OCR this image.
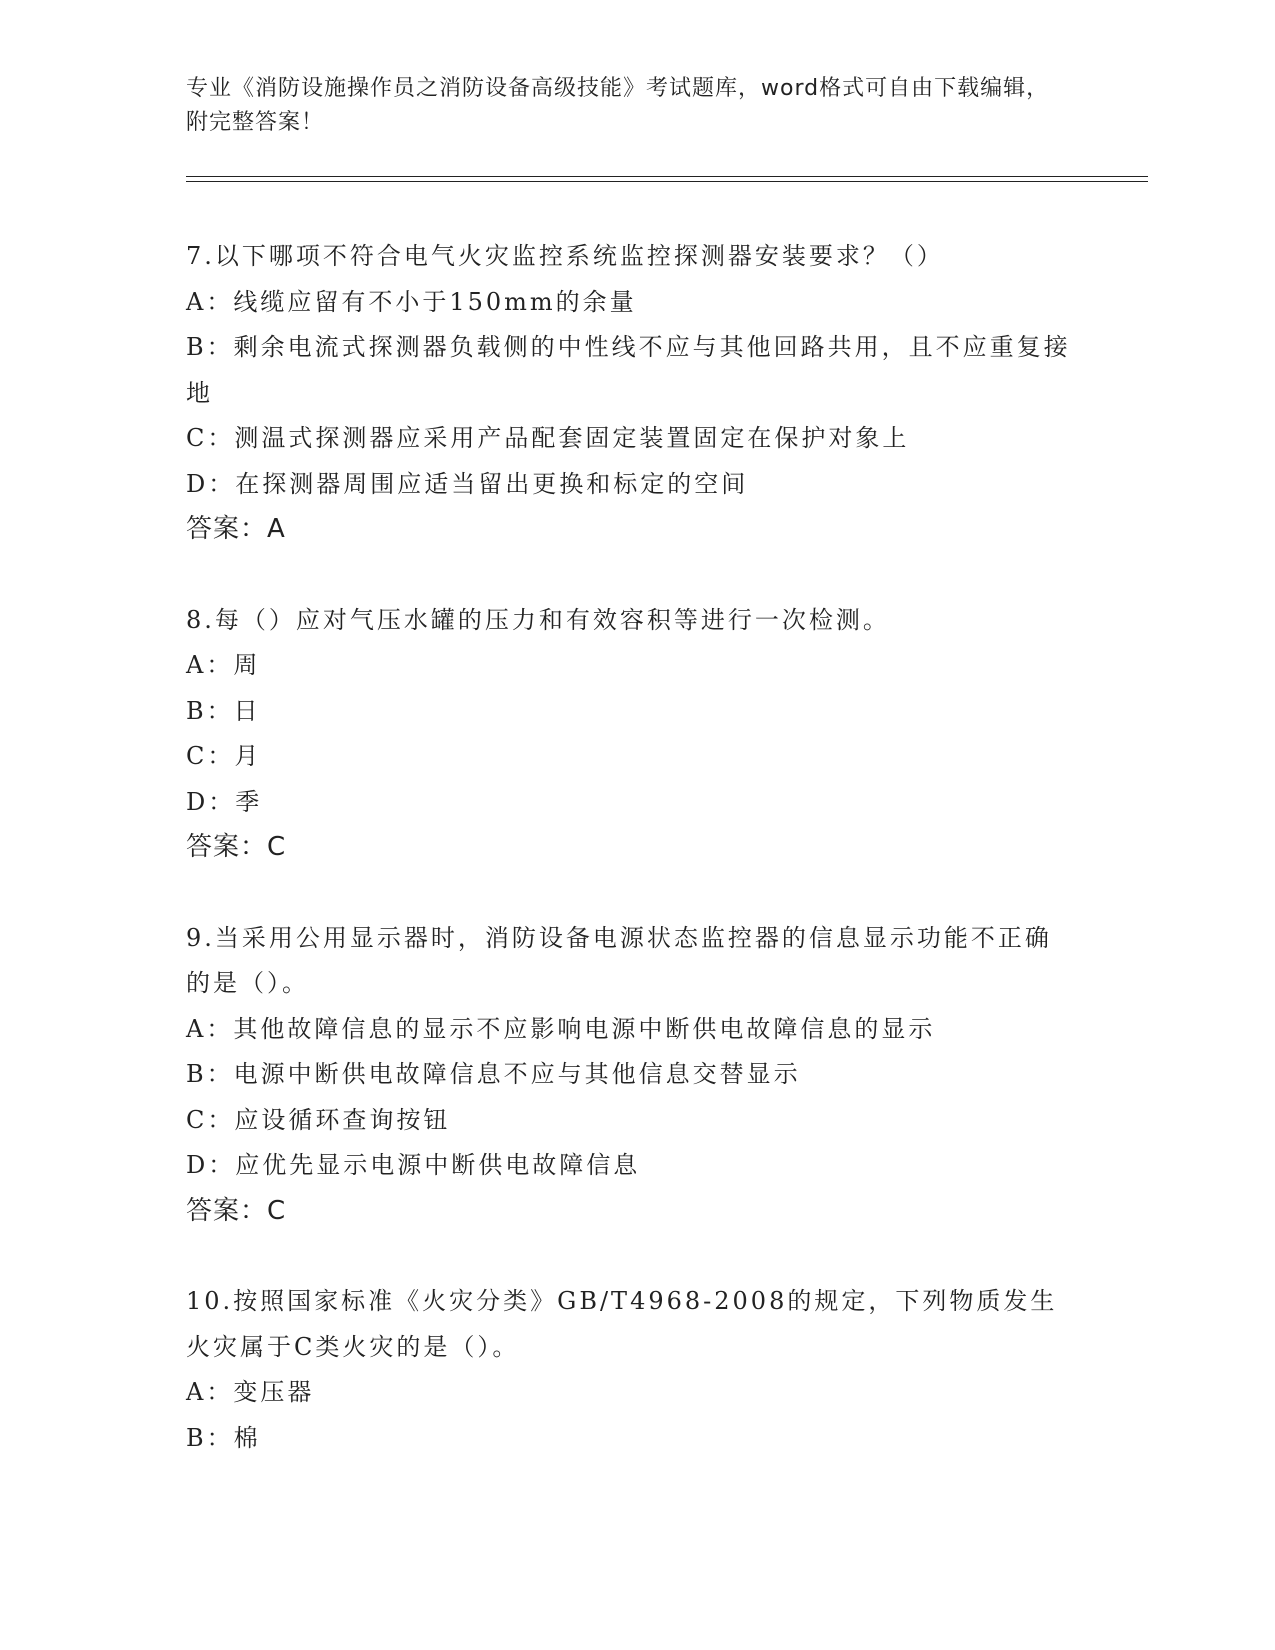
专业《消防设施操作员之消防设备高级技能》考试题库，word格式可自由下载编辑，附完整答案！
7.以下哪项不符合电气火灾监控系统监控探测器安装要求？（）
A：线缆应留有不小于150mm的余量
B：剩余电流式探测器负载侧的中性线不应与其他回路共用，且不应重复接地
C：测温式探测器应采用产品配套固定装置固定在保护对象上
D：在探测器周围应适当留出更换和标定的空间
答案：A
8.每（）应对气压水罐的压力和有效容积等进行一次检测。
A：周
B：日
C：月
D：季
答案：C
9.当采用公用显示器时，消防设备电源状态监控器的信息显示功能不正确的是（）。
A：其他故障信息的显示不应影响电源中断供电故障信息的显示
B：电源中断供电故障信息不应与其他信息交替显示
C：应设循环查询按钮
D：应优先显示电源中断供电故障信息
答案：C
10.按照国家标准《火灾分类》GB/T4968-2008的规定，下列物质发生火灾属于C类火灾的是（）。
A：变压器
B：棉
